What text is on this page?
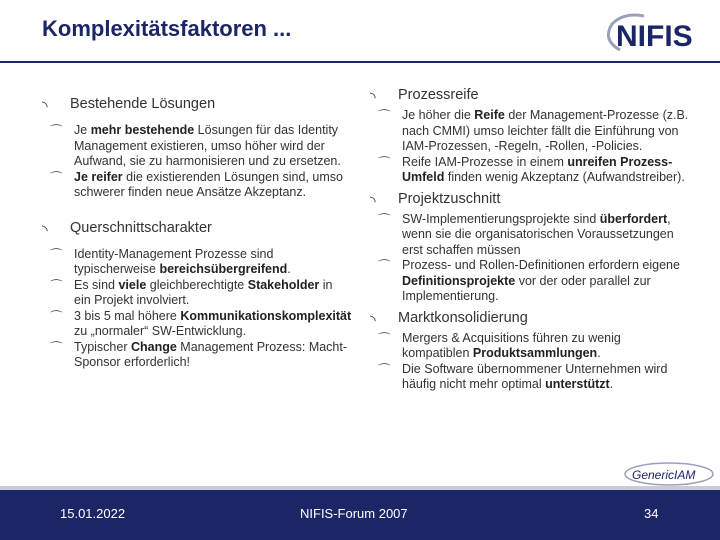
Komplexitätsfaktoren ...	NIFIS
◝ Bestehende Lösungen
⌒ Je mehr bestehende Lösungen für das Identity Management existieren, umso höher wird der Aufwand, sie zu harmonisieren und zu ersetzen.
⌒ Je reifer die existierenden Lösungen sind, umso schwerer finden neue Ansätze Akzeptanz.
◝ Querschnittscharakter
⌒ Identity-Management Prozesse sind typischerweise bereichsübergreifend.
⌒ Es sind viele gleichberechtigte Stakeholder in ein Projekt involviert.
⌒ 3 bis 5 mal höhere Kommunikationskomplexität zu „normaler“ SW-Entwicklung.
⌒ Typischer Change Management Prozess: Macht-Sponsor erforderlich!
◝ Prozessreife
⌒ Je höher die Reife der Management-Prozesse (z.B. nach CMMI) umso leichter fällt die Einführung von IAM-Prozessen, -Regeln, -Rollen, -Policies.
⌒ Reife IAM-Prozesse in einem unreifen Prozess-Umfeld finden wenig Akzeptanz (Aufwandstreiber).
◝ Projektzuschnitt
⌒ SW-Implementierungsprojekte sind überfordert, wenn sie die organisatorischen Voraussetzungen erst schaffen müssen
⌒ Prozess- und Rollen-Definitionen erfordern eigene Definitionsprojekte vor der oder parallel zur Implementierung.
◝ Marktkonsolidierung
⌒ Mergers & Acquisitions führen zu wenig kompatiblen Produktsammlungen.
⌒ Die Software übernommener Unternehmen wird häufig nicht mehr optimal unterstützt.
GenericIAM
15.01.2022	NIFIS-Forum 2007	34
